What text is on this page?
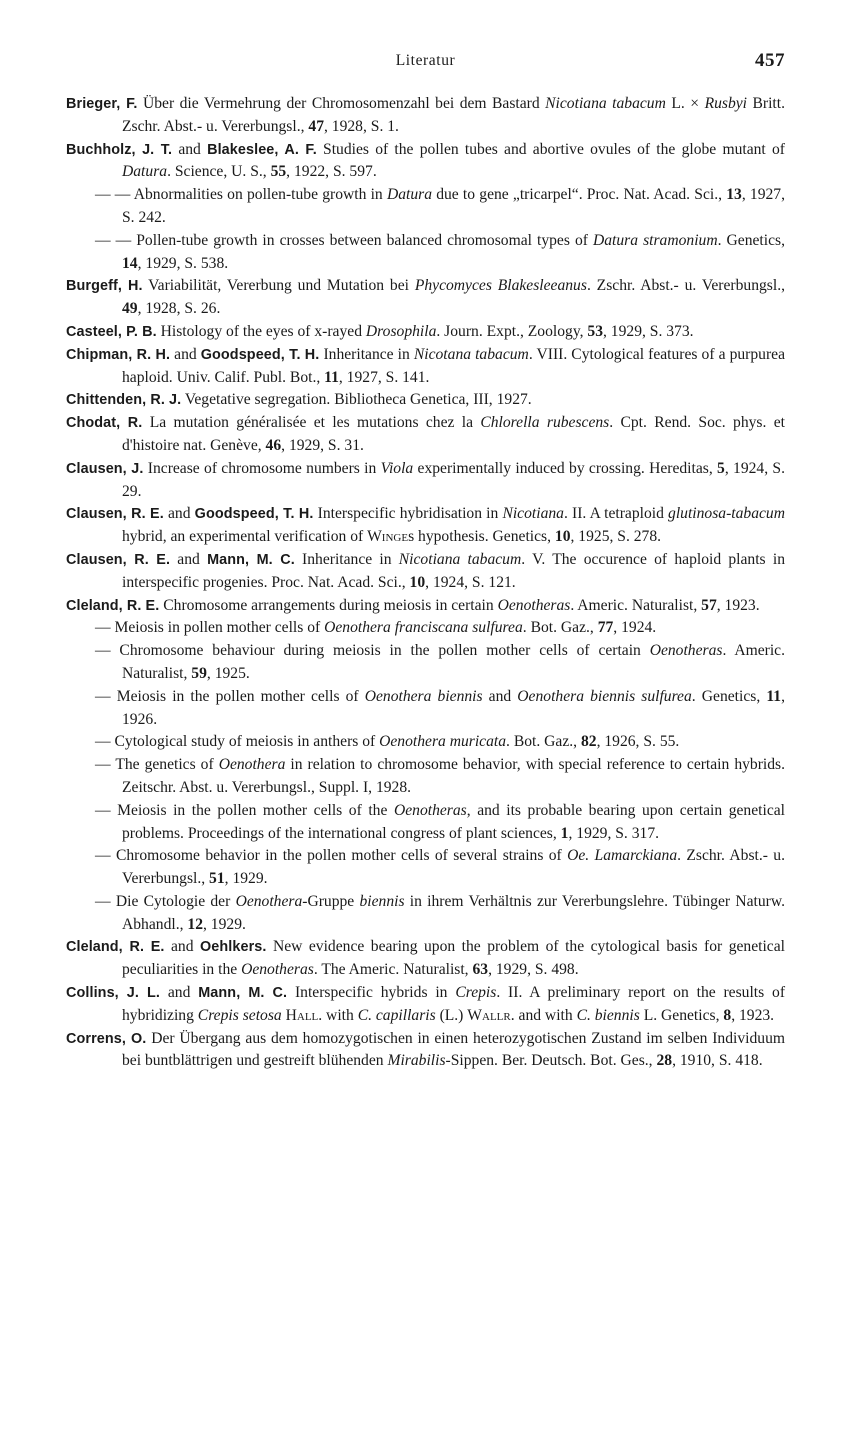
Literatur	457
Brieger, F. Über die Vermehrung der Chromosomenzahl bei dem Bastard Nicotiana tabacum L. × Rusbyi Britt. Zschr. Abst.- u. Vererbungsl., 47, 1928, S. 1.
Buchholz, J. T. and Blakeslee, A. F. Studies of the pollen tubes and abortive ovules of the globe mutant of Datura. Science, U. S., 55, 1922, S. 597.
— — Abnormalities on pollen-tube growth in Datura due to gene „tricarpel“. Proc. Nat. Acad. Sci., 13, 1927, S. 242.
— — Pollen-tube growth in crosses between balanced chromosomal types of Datura stramonium. Genetics, 14, 1929, S. 538.
Burgeff, H. Variabilität, Vererbung und Mutation bei Phycomyces Blakesleeanus. Zschr. Abst.- u. Vererbungsl., 49, 1928, S. 26.
Casteel, P. B. Histology of the eyes of x-rayed Drosophila. Journ. Expt., Zoology, 53, 1929, S. 373.
Chipman, R. H. and Goodspeed, T. H. Inheritance in Nicotana tabacum. VIII. Cytological features of a purpurea haploid. Univ. Calif. Publ. Bot., 11, 1927, S. 141.
Chittenden, R. J. Vegetative segregation. Bibliotheca Genetica, III, 1927.
Chodat, R. La mutation généralisée et les mutations chez la Chlorella rubescens. Cpt. Rend. Soc. phys. et d'histoire nat. Genève, 46, 1929, S. 31.
Clausen, J. Increase of chromosome numbers in Viola experimentally induced by crossing. Hereditas, 5, 1924, S. 29.
Clausen, R. E. and Goodspeed, T. H. Interspecific hybridisation in Nicotiana. II. A tetraploid glutinosa-tabacum hybrid, an experimental verification of Winges hypothesis. Genetics, 10, 1925, S. 278.
Clausen, R. E. and Mann, M. C. Inheritance in Nicotiana tabacum. V. The occurence of haploid plants in interspecific progenies. Proc. Nat. Acad. Sci., 10, 1924, S. 121.
Cleland, R. E. Chromosome arrangements during meiosis in certain Oenotheras. Americ. Naturalist, 57, 1923.
— Meiosis in pollen mother cells of Oenothera franciscana sulfurea. Bot. Gaz., 77, 1924.
— Chromosome behaviour during meiosis in the pollen mother cells of certain Oenotheras. Americ. Naturalist, 59, 1925.
— Meiosis in the pollen mother cells of Oenothera biennis and Oenothera biennis sulfurea. Genetics, 11, 1926.
— Cytological study of meiosis in anthers of Oenothera muricata. Bot. Gaz., 82, 1926, S. 55.
— The genetics of Oenothera in relation to chromosome behavior, with special reference to certain hybrids. Zeitschr. Abst. u. Vererbungsl., Suppl. I, 1928.
— Meiosis in the pollen mother cells of the Oenotheras, and its probable bearing upon certain genetical problems. Proceedings of the international congress of plant sciences, 1, 1929, S. 317.
— Chromosome behavior in the pollen mother cells of several strains of Oe. Lamarckiana. Zschr. Abst.- u. Vererbungsl., 51, 1929.
— Die Cytologie der Oenothera-Gruppe biennis in ihrem Verhältnis zur Vererbungslehre. Tübinger Naturw. Abhandl., 12, 1929.
Cleland, R. E. and Oehlkers. New evidence bearing upon the problem of the cytological basis for genetical peculiarities in the Oenotheras. The Americ. Naturalist, 63, 1929, S. 498.
Collins, J. L. and Mann, M. C. Interspecific hybrids in Crepis. II. A preliminary report on the results of hybridizing Crepis setosa Hall. with C. capillaris (L.) Wallr. and with C. biennis L. Genetics, 8, 1923.
Correns, O. Der Übergang aus dem homozygotischen in einen heterozygotischen Zustand im selben Individuum bei buntblättrigen und gestreift blühenden Mirabilis-Sippen. Ber. Deutsch. Bot. Ges., 28, 1910, S. 418.
